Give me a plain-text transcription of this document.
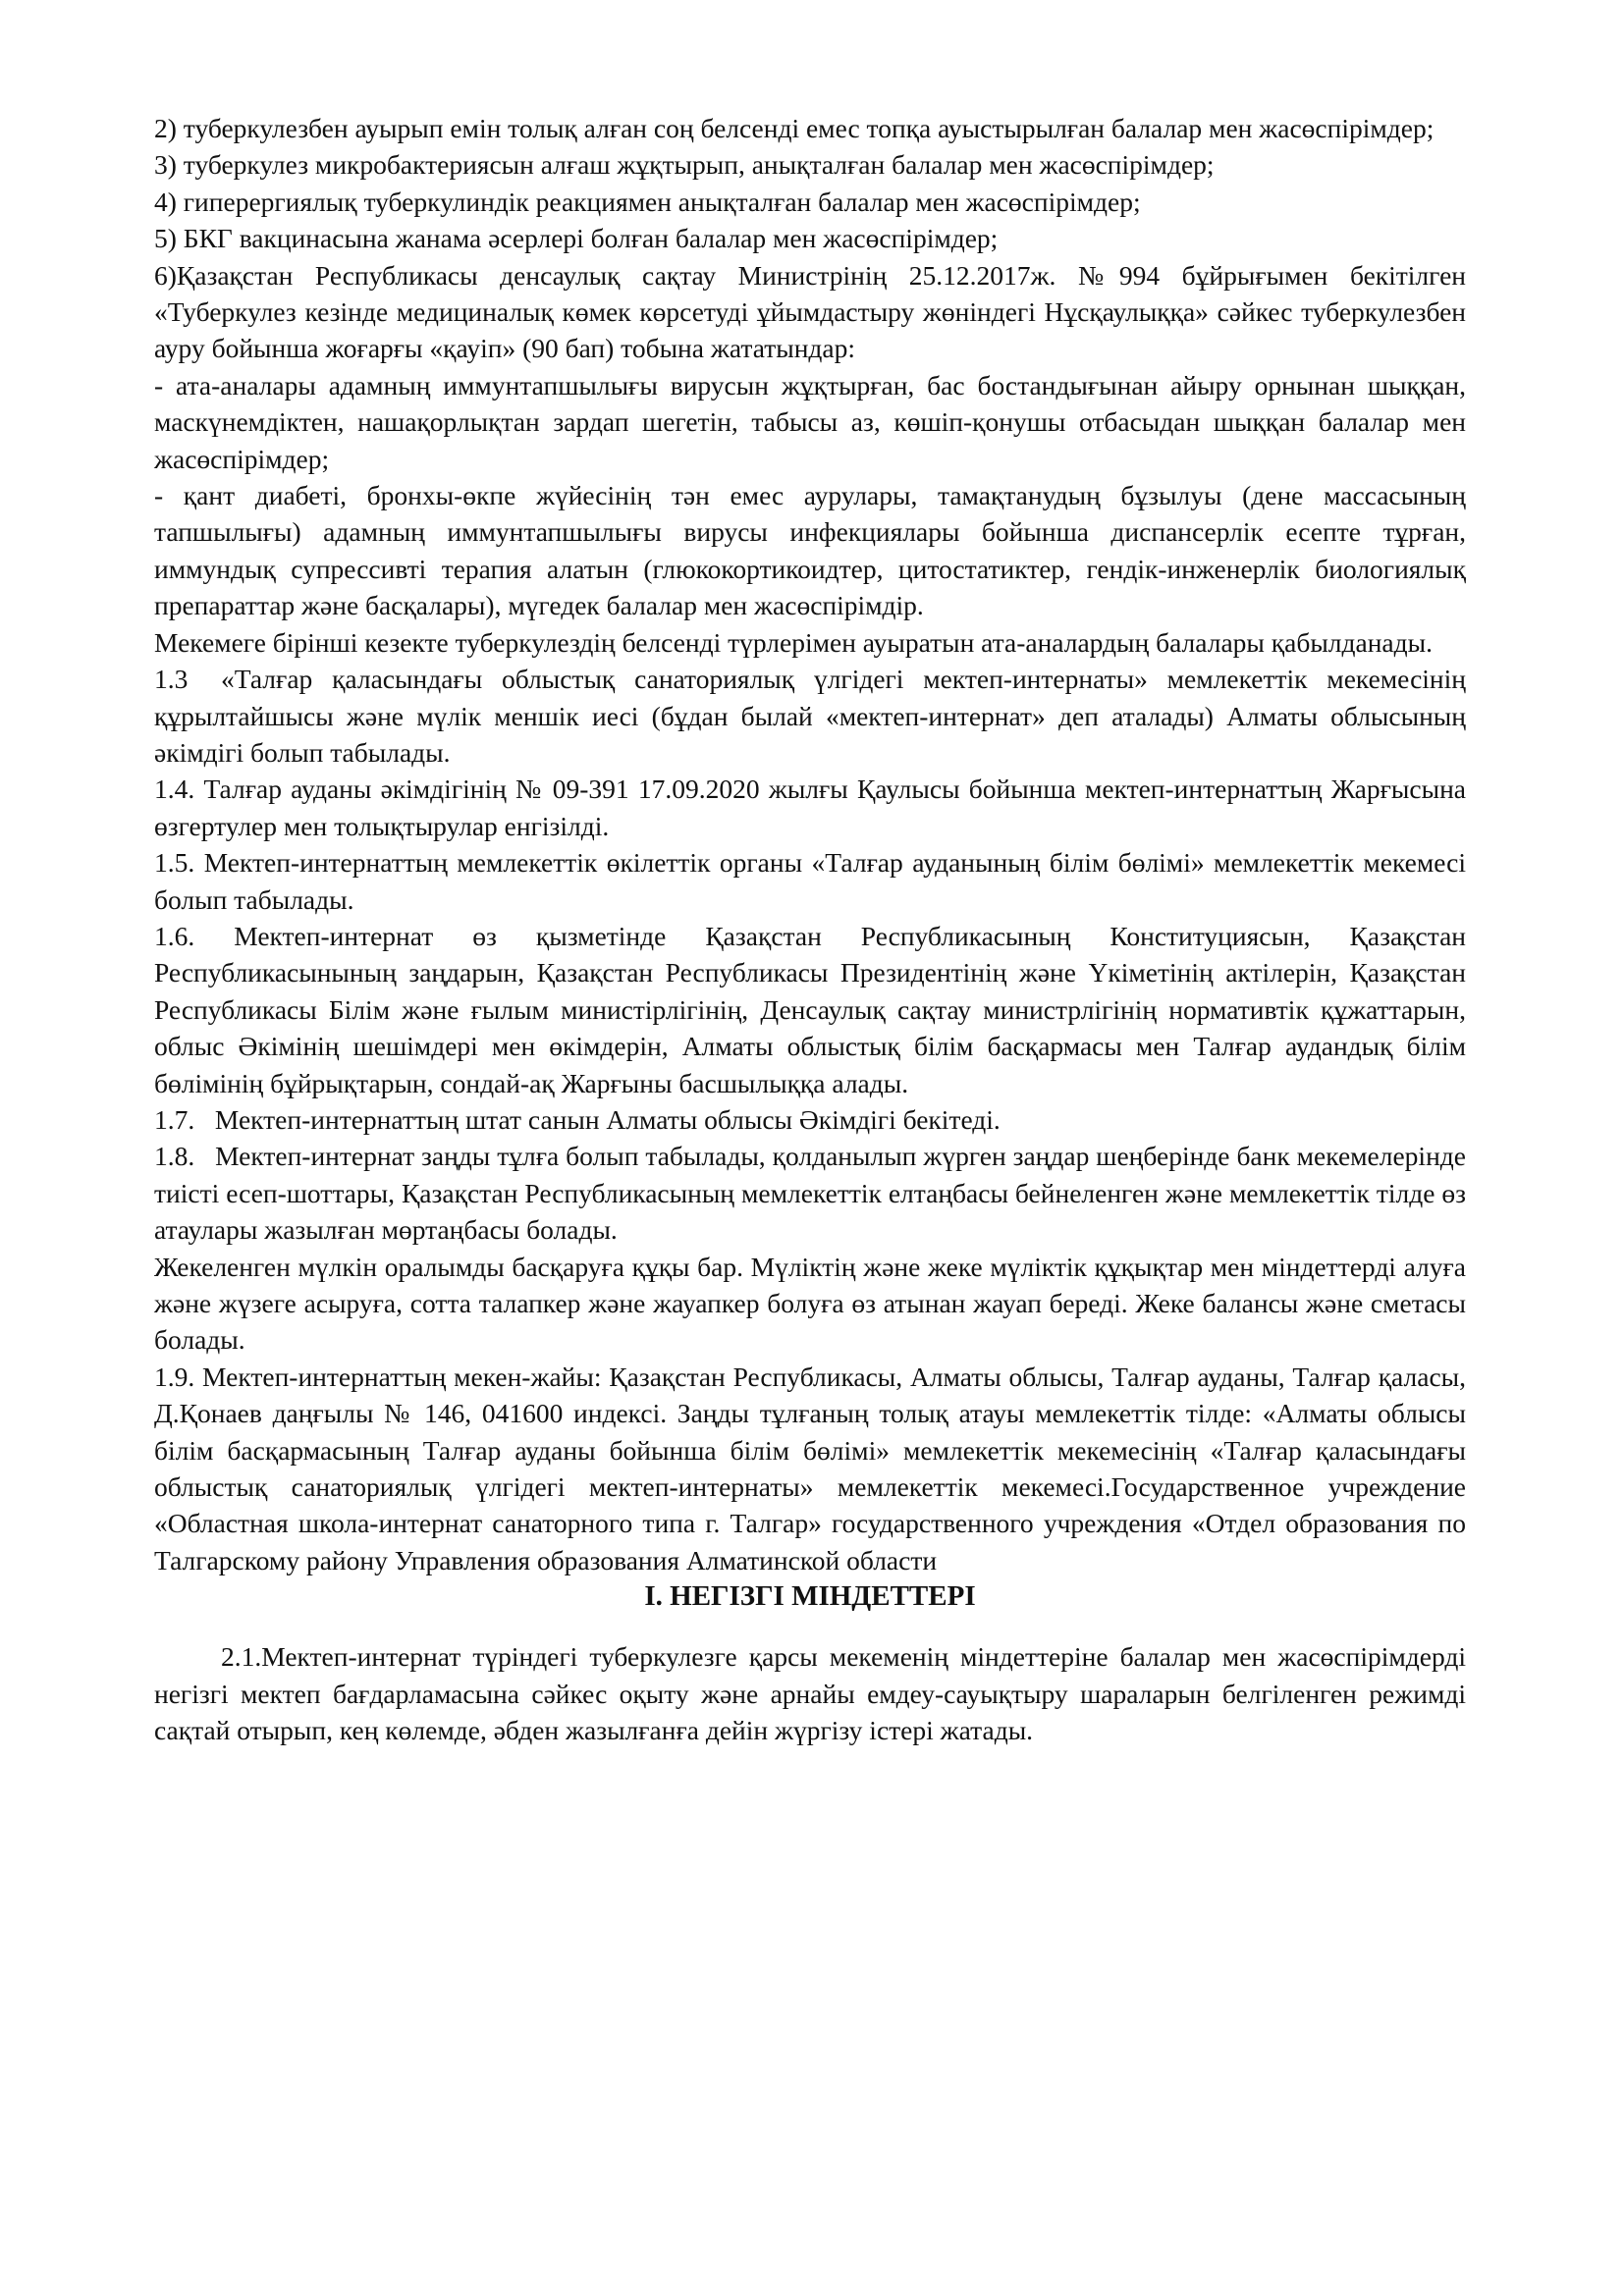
2) туберкулезбен ауырып емін толық алған соң белсенді емес топқа ауыстырылған балалар мен жасөспірімдер;

3) туберкулез микробактериясын алғаш жұқтырып, анықталған балалар мен жасөспірімдер;

4) гиперергиялық туберкулиндік реакциямен анықталған балалар мен жасөспірімдер;

5) БКГ вакцинасына жанама әсерлері болған балалар мен жасөспірімдер;

6)Қазақстан Республикасы денсаулық сақтау Министрінің 25.12.2017ж. №994 бұйрығымен бекітілген «Туберкулез кезінде медициналық көмек көрсетуді ұйымдастыру жөніндегі Нұсқаулыққа» сәйкес туберкулезбен ауру бойынша жоғарғы «қауіп» (90 бап) тобына жататындар:

- ата-аналары адамның иммунтапшылығы вирусын жұқтырған, бас бостандығынан айыру орнынан шыққан, маскүнемдіктен, нашақорлықтан зардап шегетін, табысы аз, көшіп-қонушы отбасыдан шыққан балалар мен жасөспірімдер;

- қант диабеті, бронхы-өкпе жүйесінің тән емес аурулары, тамақтанудың бұзылуы (дене массасының тапшылығы) адамның иммунтапшылығы вирусы инфекциялары бойынша диспансерлік есепте тұрған, иммундық супрессивті терапия алатын (глюкокортикоидтер, цитостатиктер, гендік-инженерлік биологиялық препараттар және басқалары), мүгедек балалар мен жасөспірімдір.

Мекемеге бірінші кезекте туберкулездің белсенді түрлерімен ауыратын ата-аналардың балалары қабылданады.

1.3 «Талғар қаласындағы облыстық санаториялық үлгідегі мектеп-интернаты» мемлекеттік мекемесінің құрылтайшысы және мүлік меншік иесі (бұдан былай «мектеп-интернат» деп аталады) Алматы облысының әкімдігі болып табылады.

1.4. Талғар ауданы әкімдігінің № 09-391 17.09.2020 жылғы Қаулысы бойынша мектеп-интернаттың Жарғысына өзгертулер мен толықтырулар енгізілді.

1.5. Мектеп-интернаттың мемлекеттік өкілеттік органы «Талғар ауданының білім бөлімі» мемлекеттік мекемесі болып табылады.

1.6. Мектеп-интернат өз қызметінде Қазақстан Республикасының Конституциясын, Қазақстан Республикасынының заңдарын, Қазақстан Республикасы Президентінің және Үкіметінің актілерін, Қазақстан Республикасы Білім және ғылым министірлігінің, Денсаулық сақтау министрлігінің нормативтік құжаттарын, облыс Әкімінің шешімдері мен өкімдерін, Алматы облыстық білім басқармасы мен Талғар аудандық білім бөлімінің бұйрықтарын, сондай-ақ Жарғыны басшылыққа алады.

1.7.   Мектеп-интернаттың штат санын Алматы облысы Әкімдігі бекітеді.

1.8.   Мектеп-интернат заңды тұлға болып табылады, қолданылып жүрген заңдар шеңберінде банк мекемелерінде тиісті есеп-шоттары, Қазақстан Республикасының мемлекеттік елтаңбасы бейнеленген және мемлекеттік тілде өз атаулары жазылған мөртаңбасы болады.

Жекеленген мүлкін оралымды басқаруға құқы бар. Мүліктің және жеке мүліктік құқықтар мен міндеттерді алуға және жүзеге асыруға, сотта талапкер және жауапкер болуға өз атынан жауап береді. Жеке балансы және сметасы болады.

1.9. Мектеп-интернаттың мекен-жайы: Қазақстан Республикасы, Алматы облысы, Талғар ауданы, Талғар қаласы, Д.Қонаев даңғылы № 146, 041600 индексі. Заңды тұлғаның толық атауы мемлекеттік тілде: «Алматы облысы білім басқармасының Талғар ауданы бойынша білім бөлімі» мемлекеттік мекемесінің «Талғар қаласындағы облыстық санаториялық үлгідегі мектеп-интернаты» мемлекеттік мекемесі.Государственное учреждение «Областная школа-интернат санаторного типа г. Талгар» государственного учреждения «Отдел образования по Талгарскому району Управления образования Алматинской области

І. НЕГІЗГІ МІНДЕТТЕРІ

2.1.Мектеп-интернат түріндегі туберкулезге қарсы мекеменің міндеттеріне балалар мен жасөспірімдерді негізгі мектеп бағдарламасына сәйкес оқыту және арнайы емдеу-сауықтыру шараларын белгіленген режимді сақтай отырып, кең көлемде, әбден жазылғанға дейін жүргізу істері жатады.
